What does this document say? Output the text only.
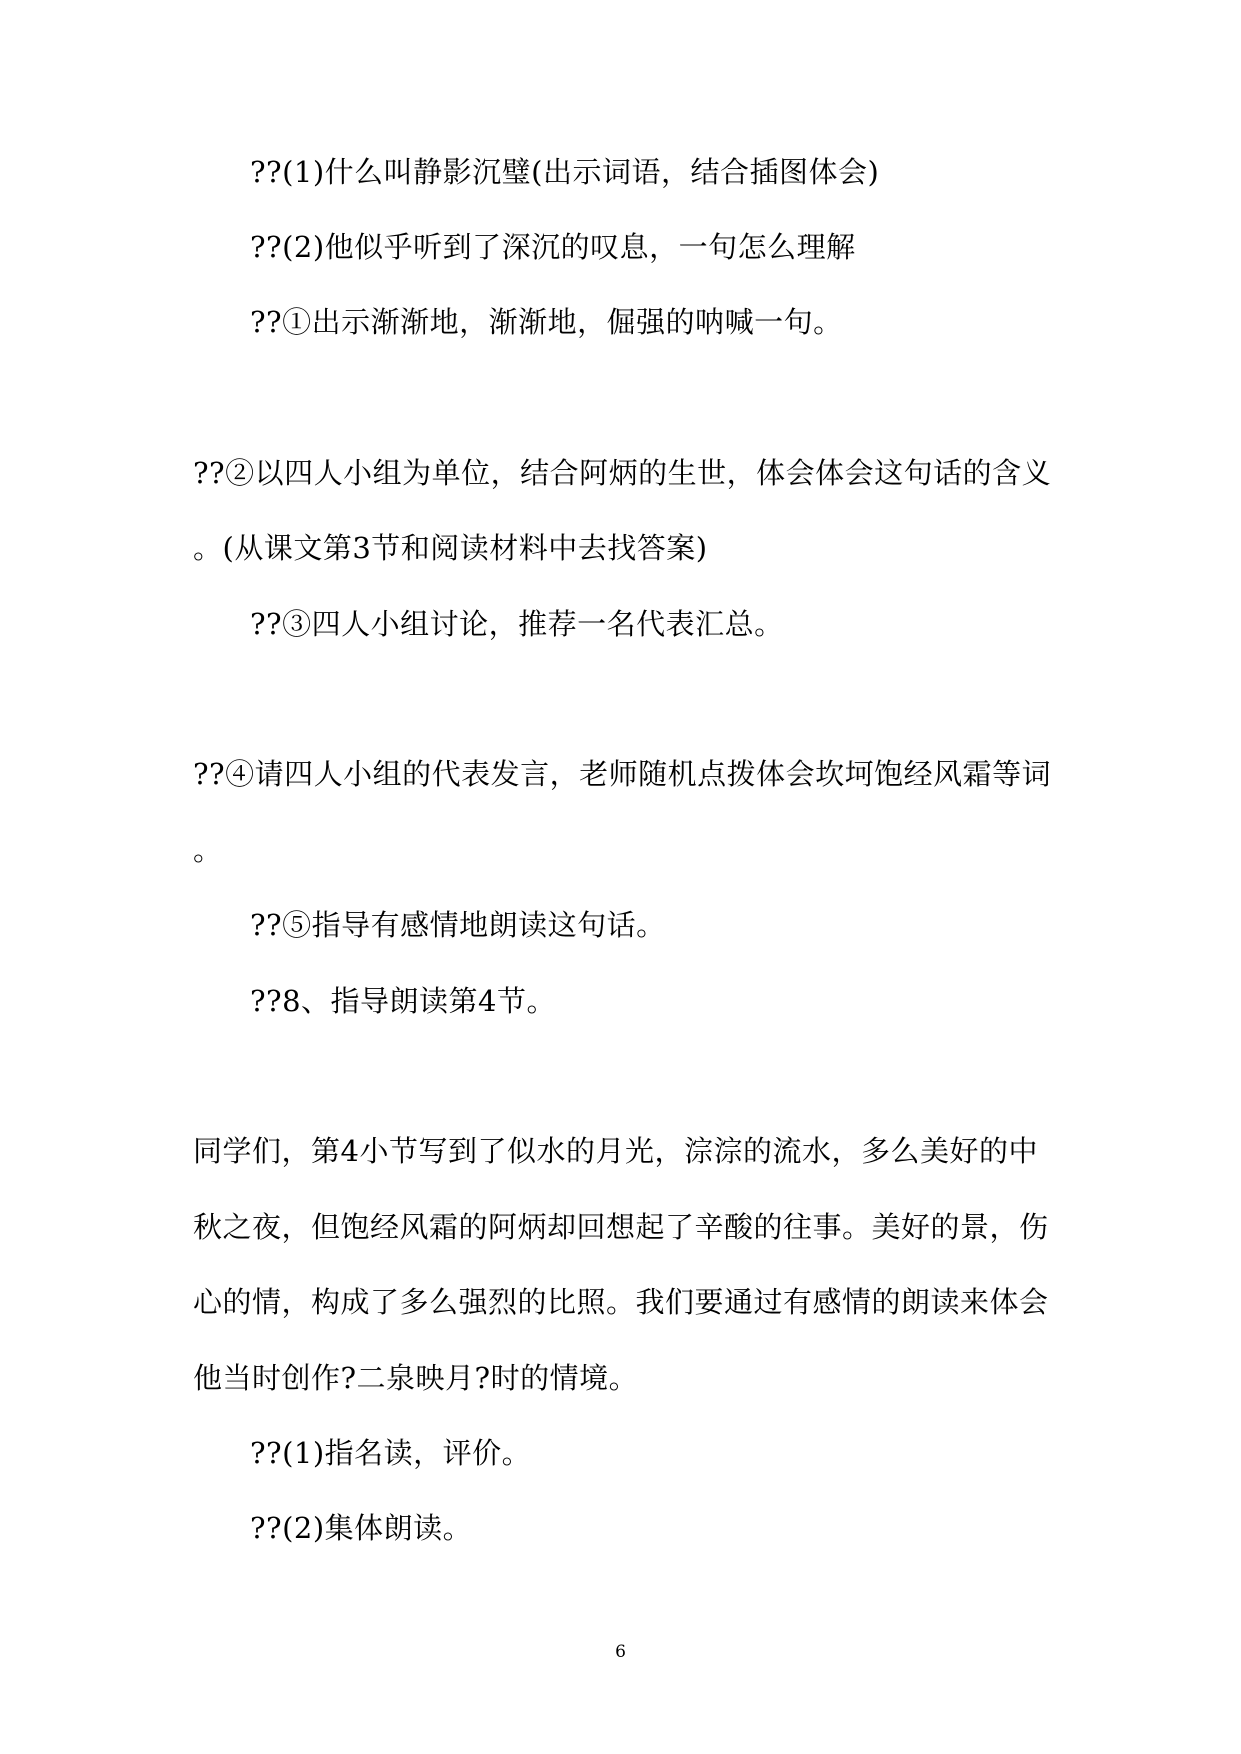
??(1)什么叫静影沉璧(出示词语，结合插图体会)
??(2)他似乎听到了深沉的叹息，一句怎么理解
??①出示渐渐地，渐渐地，倔强的呐喊一句。
??②以四人小组为单位，结合阿炳的生世，体会体会这句话的含义
。(从课文第3节和阅读材料中去找答案)
??③四人小组讨论，推荐一名代表汇总。
??④请四人小组的代表发言，老师随机点拨体会坎坷饱经风霜等词
。
??⑤指导有感情地朗读这句话。
??8、指导朗读第4节。
同学们，第4小节写到了似水的月光，淙淙的流水，多么美好的中
秋之夜，但饱经风霜的阿炳却回想起了辛酸的往事。美好的景，伤
心的情，构成了多么强烈的比照。我们要通过有感情的朗读来体会
他当时创作?二泉映月?时的情境。
??(1)指名读，评价。
??(2)集体朗读。
6
